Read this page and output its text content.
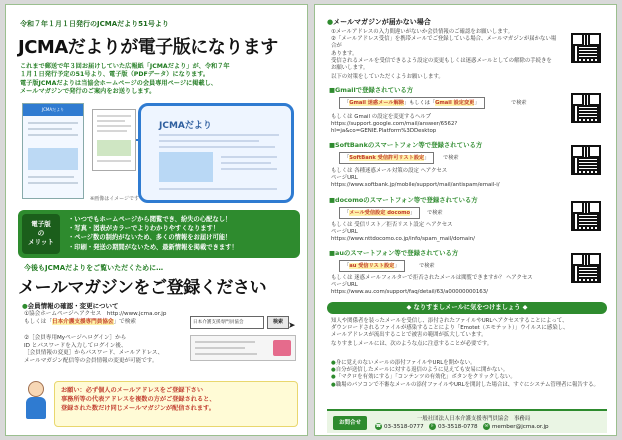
令和７年１月１日発行のJCMAだより51号より
JCMAだよりが電子版になります
これまで郵送で年３回お届けしていた広報紙「JCMAだより」が、令和７年
１月１日発行予定の51号より、電子版（PDFデータ）になります。
電子版JCMAだよりは当協会ホームページの会員専用ページに掲載し、
メールマガジンで発行のご案内をお送りします。
JCMAだより
JCMAだより
※画像はイメージです
電子版
の
メリット
・いつでもホームページから閲覧でき、紛失の心配なし！
・写真・図表がカラーでよりわかりやすくなります！
・ページ数の制約がないため、多くの情報をお届け可能！
・印刷・発送の期間がないため、最新情報を掲載できます！
今後もJCMAだよりをご覧いただくために…
メールマガジンをご登録ください
●会員情報の確認・変更について
①協会ホームページへアクセス　http://www.jcma.or.jp
もしくは「日本介護支援専門員協会」で検索	日本介護支援専門員協会	検索 ➤
②［会員専用Myページへログイン］から
ID とパスワードを入力してログイン後、
［会員情報の変更］からパスワード、メールアドレス、
メールマガジン配信等の会員情報の変更が可能です。
お願い：必ず個人のメールアドレスをご登録下さい
事務所等の代表アドレスを複数の方がご登録されると、
登録された数だけ同じメールマガジンが配信されます。
●メールマガジンが届かない場合
①メールアドレスの入力間違いがないか会員情報のご確認をお願いします。
②「メールアドレス受信」を携帯メールでご登録している場合、メールマガジンが届かない場合が
あります。
受信されるメールを受信できるよう設定の変更もしくは迷惑メールとしての解除の手続きを
お願いします。
以下の対策をしていただくようお願いします。
■Gmailで登録されている方
「Gmail 迷惑メール解除」もしくは「Gmail 設定変更」	で検索
もしくは Gmail の設定を変更するヘルプ
https://support.google.com/mail/answer/6562?hl=ja&co=GENIE.Platform%3DDesktop
■SoftBankのスマートフォン等で登録されている方
「SoftBank 受信許可リスト設定」	で検索
もしくは 各種迷惑メール対策の設定 へアクセス
ページURL
https://www.softbank.jp/mobile/support/mail/antispam/email-i/
■docomoのスマートフォン等で登録されている方
「メール受信設定 docomo」	で検索
もしくは 受信リスト／拒否リスト設定 へアクセス
ページURL
https://www.nttdocomo.co.jp/info/spam_mail/domain/
■auのスマートフォン等で登録されている方
「au 受信リスト設定」	で検索
もしくは 迷惑メールフィルターで拒否されたメールは閲覧できますか？ へアクセス
ページURL
https://www.au.com/support/faq/detail/63/a00000000163/
◆ なりすましメールに気をつけましょう ◆
知人や関係者を装ったメールを受信し、添付されたファイルやURLへアクセスすることによって、
ダウンロードされるファイルが感染することにより「Emotet（エモテット）」ウイルスに感染し、
メールアドレスが流出することで被害の範囲が拡大しています。
なりすましメールには、次のような点に注意することが必要です。
●身に覚えのないメールの添付ファイルやURLを開かない。
●自分が送信したメールに対する返信のように見えても安易に開かない。
●「マクロを有効にする」「コンテンツの有効化」ボタンをクリックしない。
●職場のパソコンで不審なメールの添付ファイルやURLを開封した場合は、すぐにシステム管理者に報告する。
お問合せ
一般社団法人日本介護支援専門員協会　事務局
☎ 03-3518-0777 F 03-3518-0778 ✉ member@jcma.or.jp
